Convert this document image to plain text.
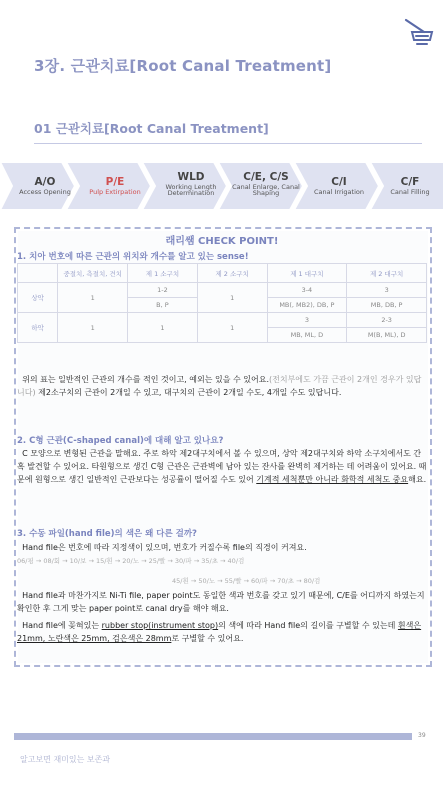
3장. 근관치료[Root Canal Treatment]
01 근관치료[Root Canal Treatment]
A/O
Access Opening
P/E
Pulp Extirpation
WLD
Working Length Determination
C/E, C/S
Canal Enlarge, Canal Shaping
C/I
Canal Irrigation
C/F
Canal Filling
래리쌤 CHECK POINT!
1. 치아 번호에 따른 근관의 위치와 개수를 알고 있는 sense!
	중절치, 측절치, 견치	제 1 소구치	제 2 소구치	제 1 대구치	제 2 대구치
상악	1	1-2	1	3-4	3
		B, P		MB(, MB2), DB, P	MB, DB, P
하악	1	1	1	3	2-3
				MB, ML, D	M(B, ML), D
위의 표는 일반적인 근관의 개수를 적인 것이고, 예외는 있을 수 있어요.(전치부에도 가끔 근관이 2개인 경우가 있답니다) 제2소구치의 근관이 2개일 수 있고, 대구치의 근관이 2개일 수도, 4개일 수도 있답니다.
2. C형 근관(C-shaped canal)에 대해 알고 있나요?
C 모양으로 변형된 근관을 말해요. 주로 하악 제2대구치에서 볼 수 있으며, 상악 제2대구치와 하악 소구치에서도 간혹 발견할 수 있어요. 타원형으로 생긴 C형 근관은 근관벽에 남아 있는 잔사를 완벽히 제거하는 데 어려움이 있어요. 때문에 원형으로 생긴 일반적인 근관보다는 성공률이 떨어질 수도 있어 기계적 세척뿐만 아니라 화학적 세척도 중요해요.
3. 수동 파일(hand file)의 색은 왜 다른 걸까?
Hand file은 번호에 따라 지정색이 있으며, 번호가 커질수록 file의 직경이 커져요.
06/핑 → 08/회 → 10/보 → 15/흰 → 20/노 → 25/빨 → 30/파 → 35/초 → 40/검
45/흰 → 50/노 → 55/빨 → 60/파 → 70/초 → 80/검
Hand file과 마찬가지로 Ni-Ti file, paper point도 동일한 색과 번호를 갖고 있기 때문에, C/E를 어디까지 하였는지 확인한 후 그게 맞는 paper point로 canal dry를 해야 해요.
Hand file에 꽂혀있는 rubber stop(instrument stop)의 색에 따라 Hand file의 길이를 구별할 수 있는데 흰색은 21mm, 노란색은 25mm, 검은색은 28mm로 구별할 수 있어요.
39
알고보면 재미있는 보존과
